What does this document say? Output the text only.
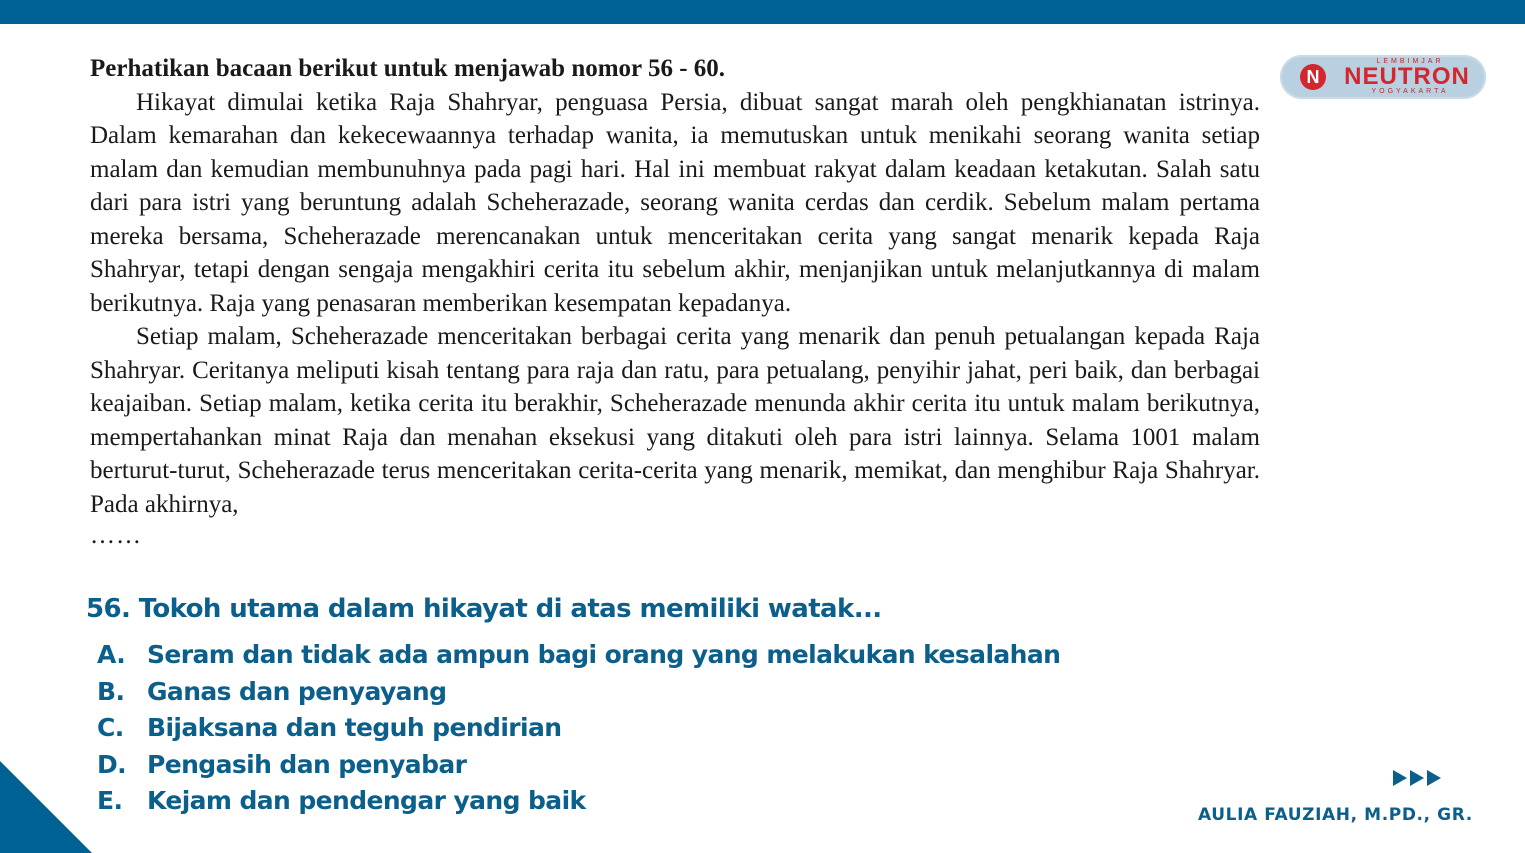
Perhatikan bacaan berikut untuk menjawab nomor 56 - 60.

Hikayat dimulai ketika Raja Shahryar, penguasa Persia, dibuat sangat marah oleh pengkhianatan istrinya. Dalam kemarahan dan kekecewaannya terhadap wanita, ia memutuskan untuk menikahi seorang wanita setiap malam dan kemudian membunuhnya pada pagi hari. Hal ini membuat rakyat dalam keadaan ketakutan. Salah satu dari para istri yang beruntung adalah Scheherazade, seorang wanita cerdas dan cerdik. Sebelum malam pertama mereka bersama, Scheherazade merencanakan untuk menceritakan cerita yang sangat menarik kepada Raja Shahryar, tetapi dengan sengaja mengakhiri cerita itu sebelum akhir, menjanjikan untuk melanjutkannya di malam berikutnya. Raja yang penasaran memberikan kesempatan kepadanya.

Setiap malam, Scheherazade menceritakan berbagai cerita yang menarik dan penuh petualangan kepada Raja Shahryar. Ceritanya meliputi kisah tentang para raja dan ratu, para petualang, penyihir jahat, peri baik, dan berbagai keajaiban. Setiap malam, ketika cerita itu berakhir, Scheherazade menunda akhir cerita itu untuk malam berikutnya, mempertahankan minat Raja dan menahan eksekusi yang ditakuti oleh para istri lainnya. Selama 1001 malam berturut-turut, Scheherazade terus menceritakan cerita-cerita yang menarik, memikat, dan menghibur Raja Shahryar. Pada akhirnya,

……

N
LEMBIMJAR
NEUTRON
YOGYAKARTA

56. Tokoh utama dalam hikayat di atas memiliki watak...

A. Seram dan tidak ada ampun bagi orang yang melakukan kesalahan
B. Ganas dan penyayang
C. Bijaksana dan teguh pendirian
D. Pengasih dan penyabar
E. Kejam dan pendengar yang baik	AULIA FAUZIAH, M.PD., GR.
